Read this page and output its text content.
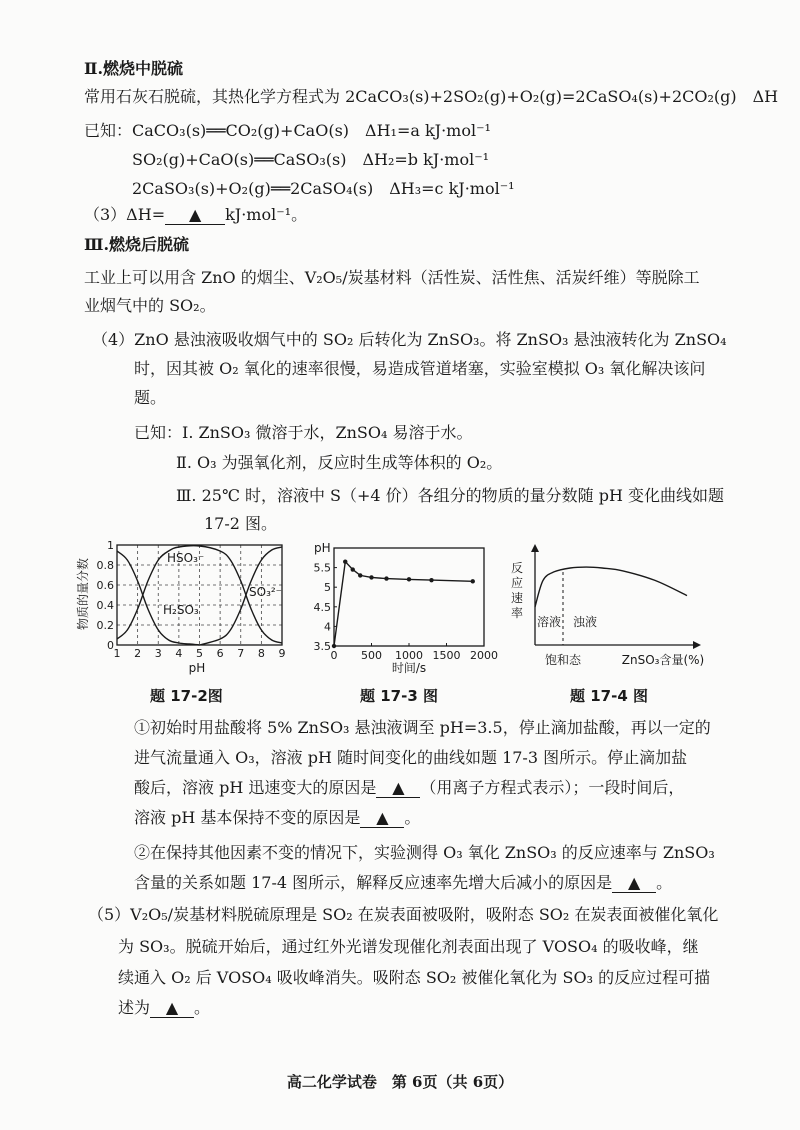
Ⅱ.燃烧中脱硫
常用石灰石脱硫，其热化学方程式为 2CaCO₃(s)+2SO₂(g)+O₂(g)=2CaSO₄(s)+2CO₂(g)　ΔH
已知：CaCO₃(s)══CO₂(g)+CaO(s)　ΔH₁=a kJ·mol⁻¹
SO₂(g)+CaO(s)══CaSO₃(s)　ΔH₂=b kJ·mol⁻¹
2CaSO₃(s)+O₂(g)══2CaSO₄(s)　ΔH₃=c kJ·mol⁻¹
（3）ΔH= ▲ kJ·mol⁻¹。
Ⅲ.燃烧后脱硫
工业上可以用含 ZnO 的烟尘、V₂O₅/炭基材料（活性炭、活性焦、活炭纤维）等脱除工
业烟气中的 SO₂。
（4）ZnO 悬浊液吸收烟气中的 SO₂ 后转化为 ZnSO₃。将 ZnSO₃ 悬浊液转化为 ZnSO₄
时，因其被 O₂ 氧化的速率很慢，易造成管道堵塞，实验室模拟 O₃ 氧化解决该问
题。
已知：Ⅰ. ZnSO₃ 微溶于水，ZnSO₄ 易溶于水。
Ⅱ. O₃ 为强氧化剂，反应时生成等体积的 O₂。
Ⅲ. 25℃ 时，溶液中 S（+4 价）各组分的物质的量分数随 pH 变化曲线如题
17-2 图。
物质的量分数
1 2 3 4 5 6 7 8 9
0
0.2
0.4
0.6
0.8
1
HSO₃⁻
H₂SO₃
SO₃²⁻
pH
pH
0 500 1000 1500 2000
3.5
4
4.5
5
5.5
时间/s
反
应
速
率
溶液 浊液
饱和态	ZnSO₃含量(%)
题 17-2图	题 17-3 图	题 17-4 图
①初始时用盐酸将 5% ZnSO₃ 悬浊液调至 pH=3.5，停止滴加盐酸，再以一定的
进气流量通入 O₃，溶液 pH 随时间变化的曲线如题 17-3 图所示。停止滴加盐
酸后，溶液 pH 迅速变大的原因是 ▲ （用离子方程式表示）；一段时间后，
溶液 pH 基本保持不变的原因是 ▲ 。
②在保持其他因素不变的情况下，实验测得 O₃ 氧化 ZnSO₃ 的反应速率与 ZnSO₃
含量的关系如题 17-4 图所示，解释反应速率先增大后减小的原因是 ▲ 。
（5）V₂O₅/炭基材料脱硫原理是 SO₂ 在炭表面被吸附，吸附态 SO₂ 在炭表面被催化氧化
为 SO₃。脱硫开始后，通过红外光谱发现催化剂表面出现了 VOSO₄ 的吸收峰，继
续通入 O₂ 后 VOSO₄ 吸收峰消失。吸附态 SO₂ 被催化氧化为 SO₃ 的反应过程可描
述为 ▲ 。
高二化学试卷　第 6页（共 6页）
